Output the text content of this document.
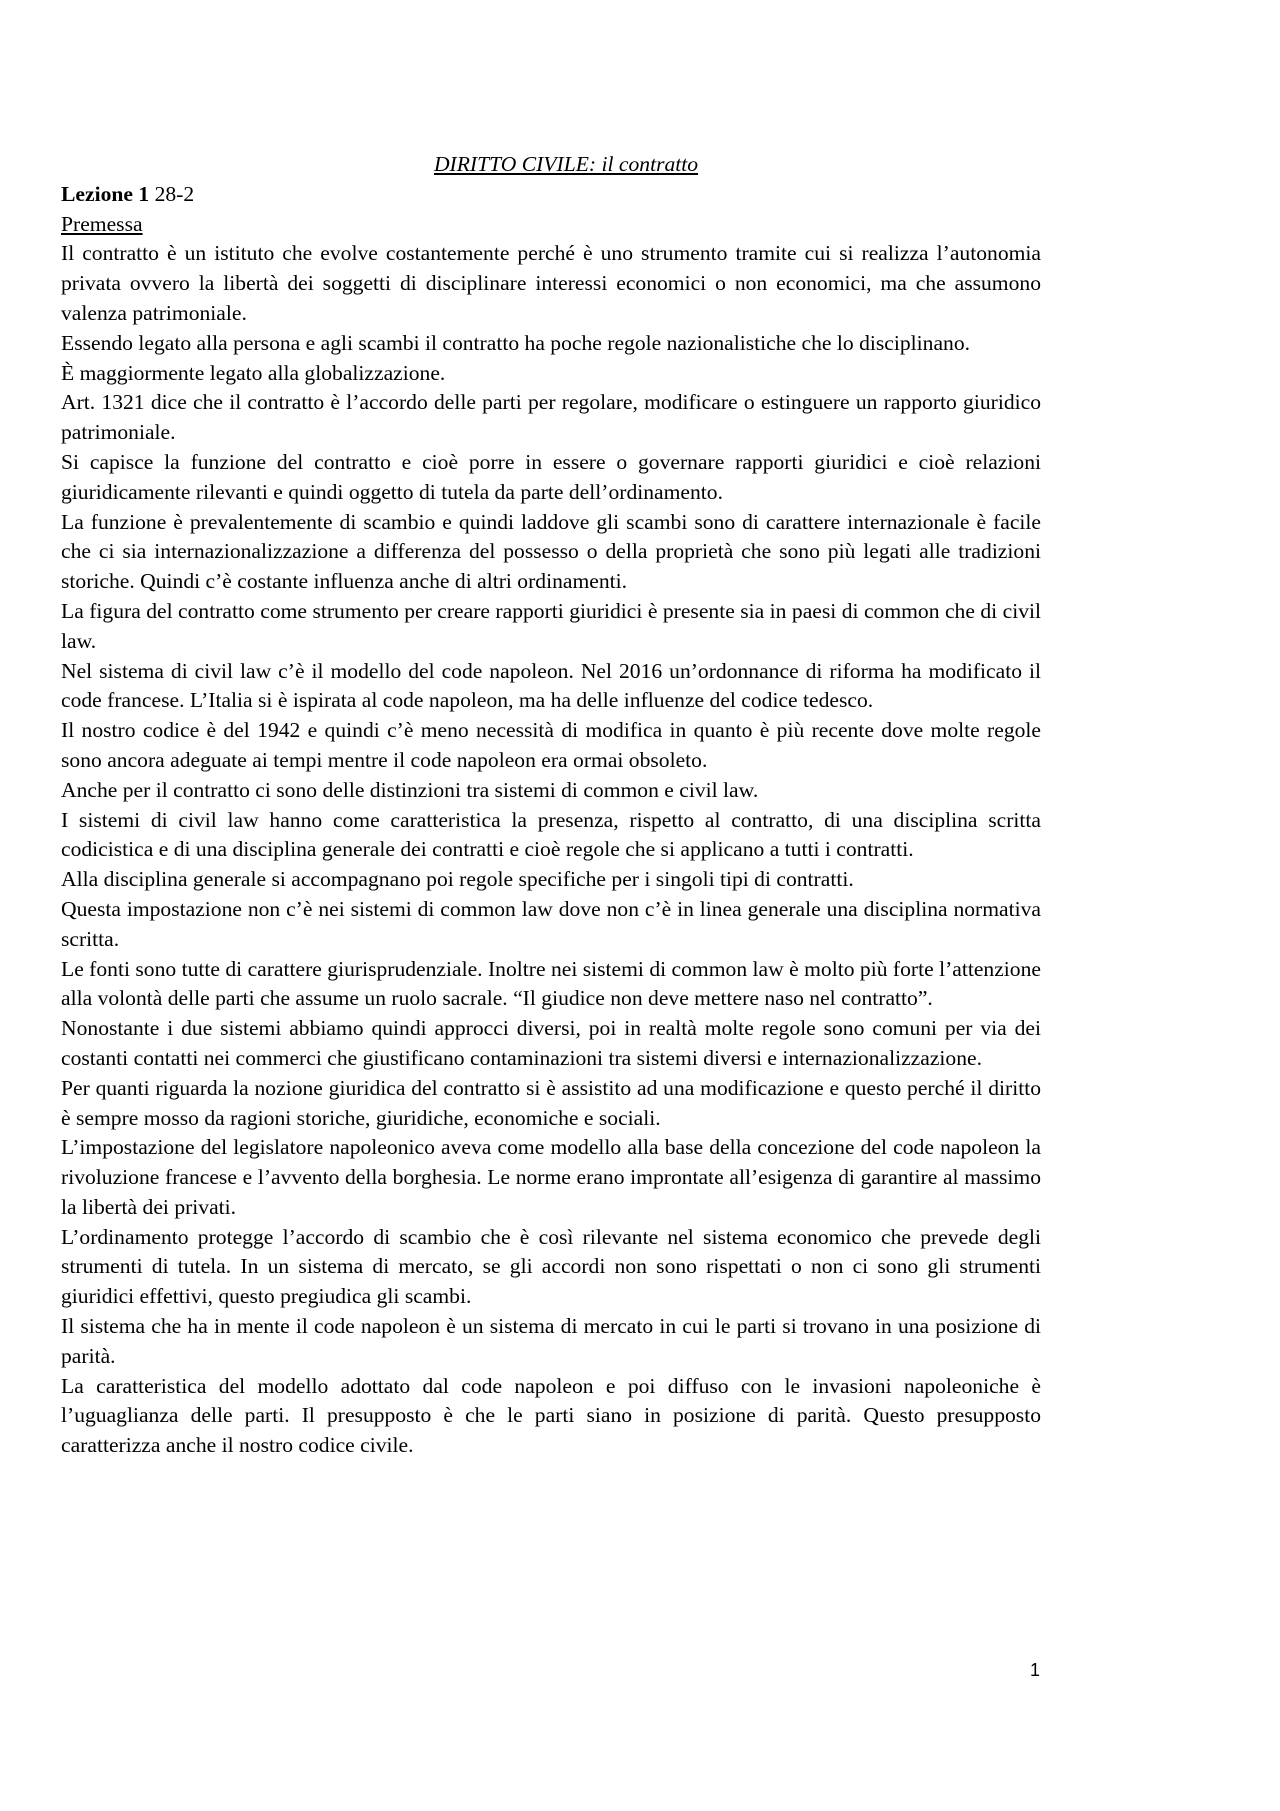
DIRITTO CIVILE: il contratto

Lezione 1 28-2

Premessa

Il contratto è un istituto che evolve costantemente perché è uno strumento tramite cui si realizza l’autonomia privata ovvero la libertà dei soggetti di disciplinare interessi economici o non economici, ma che assumono valenza patrimoniale.

Essendo legato alla persona e agli scambi il contratto ha poche regole nazionalistiche che lo disciplinano.

È maggiormente legato alla globalizzazione.

Art. 1321 dice che il contratto è l’accordo delle parti per regolare, modificare o estinguere un rapporto giuridico patrimoniale.

Si capisce la funzione del contratto e cioè porre in essere o governare rapporti giuridici e cioè relazioni giuridicamente rilevanti e quindi oggetto di tutela da parte dell’ordinamento.

La funzione è prevalentemente di scambio e quindi laddove gli scambi sono di carattere internazionale è facile che ci sia internazionalizzazione a differenza del possesso o della proprietà che sono più legati alle tradizioni storiche. Quindi c’è costante influenza anche di altri ordinamenti.

La figura del contratto come strumento per creare rapporti giuridici è presente sia in paesi di common che di civil law.

Nel sistema di civil law c’è il modello del code napoleon. Nel 2016 un’ordonnance di riforma ha modificato il code francese. L’Italia si è ispirata al code napoleon, ma ha delle influenze del codice tedesco.

Il nostro codice è del 1942 e quindi c’è meno necessità di modifica in quanto è più recente dove molte regole sono ancora adeguate ai tempi mentre il code napoleon era ormai obsoleto.

Anche per il contratto ci sono delle distinzioni tra sistemi di common e civil law.

I sistemi di civil law hanno come caratteristica la presenza, rispetto al contratto, di una disciplina scritta codicistica e di una disciplina generale dei contratti e cioè regole che si applicano a tutti i contratti.

Alla disciplina generale si accompagnano poi regole specifiche per i singoli tipi di contratti.

Questa impostazione non c’è nei sistemi di common law dove non c’è in linea generale una disciplina normativa scritta.

Le fonti sono tutte di carattere giurisprudenziale. Inoltre nei sistemi di common law è molto più forte l’attenzione alla volontà delle parti che assume un ruolo sacrale. “Il giudice non deve mettere naso nel contratto”.

Nonostante i due sistemi abbiamo quindi approcci diversi, poi in realtà molte regole sono comuni per via dei costanti contatti nei commerci che giustificano contaminazioni tra sistemi diversi e internazionalizzazione.

Per quanti riguarda la nozione giuridica del contratto si è assistito ad una modificazione e questo perché il diritto è sempre mosso da ragioni storiche, giuridiche, economiche e sociali.

L’impostazione del legislatore napoleonico aveva come modello alla base della concezione del code napoleon la rivoluzione francese e l’avvento della borghesia. Le norme erano improntate all’esigenza di garantire al massimo la libertà dei privati.

L’ordinamento protegge l’accordo di scambio che è così rilevante nel sistema economico che prevede degli strumenti di tutela. In un sistema di mercato, se gli accordi non sono rispettati o non ci sono gli strumenti giuridici effettivi, questo pregiudica gli scambi.

Il sistema che ha in mente il code napoleon è un sistema di mercato in cui le parti si trovano in una posizione di parità.

La caratteristica del modello adottato dal code napoleon e poi diffuso con le invasioni napoleoniche è l’uguaglianza delle parti. Il presupposto è che le parti siano in posizione di parità. Questo presupposto caratterizza anche il nostro codice civile.

1
